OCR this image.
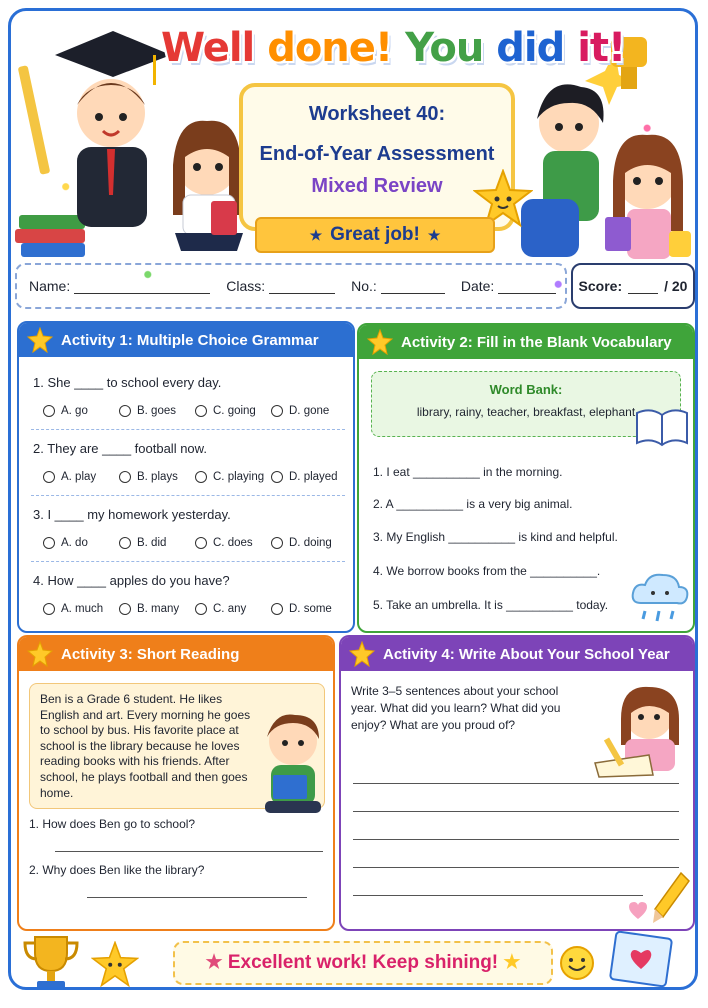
Well done! You did it!
Worksheet 40:
End-of-Year Assessment
Mixed Review
★ Great job! ★
Name:	Class:	No.:	Date:	Score:	/ 20
Activity 1: Multiple Choice Grammar
1. She ____ to school every day.
A. go	B. goes	C. going	D. gone
2. They are ____ football now.
A. play	B. plays	C. playing D. played
3. I ____ my homework yesterday.
A. do	B. did	C. does	D. doing
4. How ____ apples do you have?
A. much	B. many	C. any	D. some
Activity 2: Fill in the Blank Vocabulary
Word Bank:
library, rainy, teacher, breakfast, elephant
1. I eat __________ in the morning.
2. A __________ is a very big animal.
3. My English __________ is kind and helpful.
4. We borrow books from the __________.
5. Take an umbrella. It is __________ today.
Activity 3: Short Reading

Ben is a Grade 6 student. He likes English and art. Every morning he goes to school by bus. His favorite place at school is the library because he loves reading books with his friends. After school, he plays football and then goes home.

1. How does Ben go to school?
2. Why does Ben like the library?
Activity 4: Write About Your School Year
Write 3–5 sentences about your school year. What did you learn? What did you enjoy? What are you proud of?
★ Excellent work! Keep shining! ★
